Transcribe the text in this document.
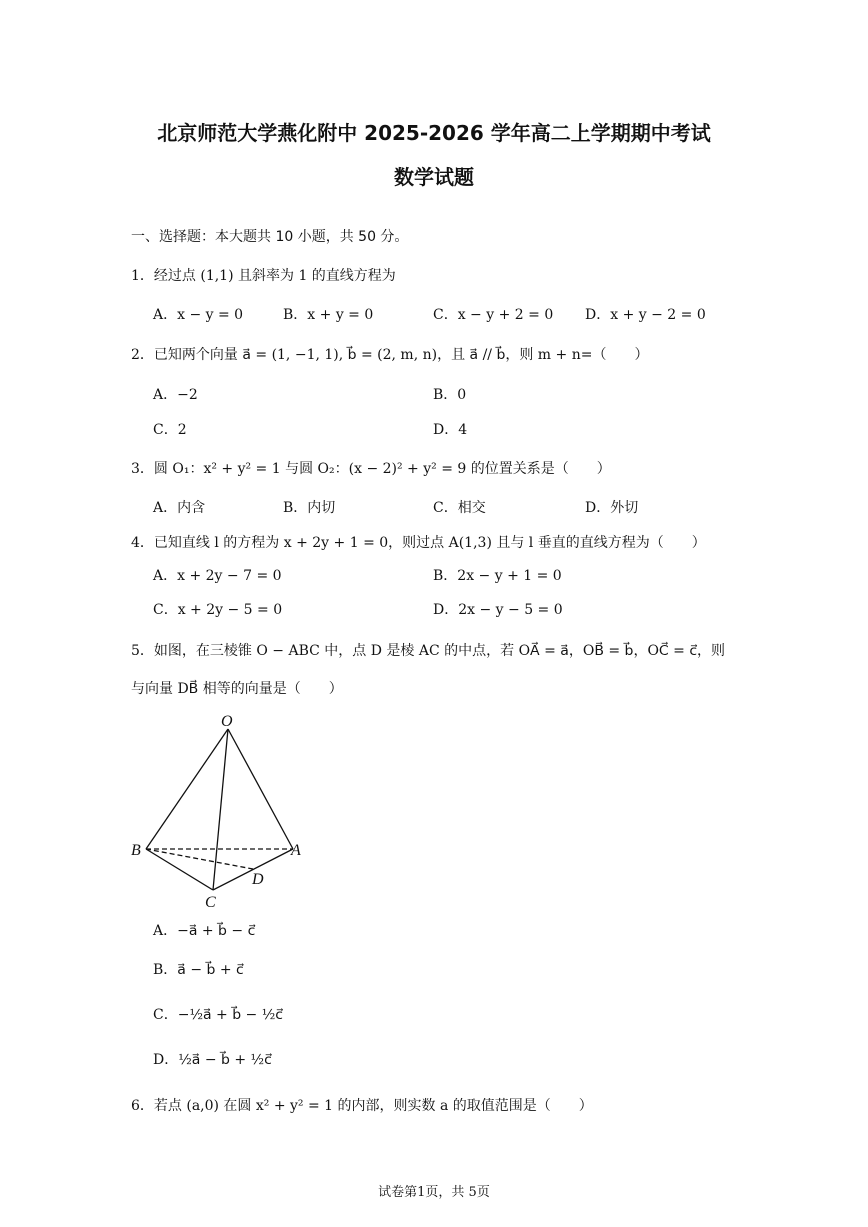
北京师范大学燕化附中 2025-2026 学年高二上学期期中考试
数学试题
一、选择题：本大题共 10 小题，共 50 分。
1．经过点 (1,1) 且斜率为 1 的直线方程为
A．x − y = 0	B．x + y = 0	C．x − y + 2 = 0 D．x + y − 2 = 0
2．已知两个向量 a⃗ = (1, −1, 1), b⃗ = (2, m, n)，且 a⃗ // b⃗，则 m + n=（　　）
A．−2	B．0
C．2	D．4
3．圆 O₁：x² + y² = 1 与圆 O₂：(x − 2)² + y² = 9 的位置关系是（　　）
A．内含	B．内切	C．相交	D．外切
4．已知直线 l 的方程为 x + 2y + 1 = 0，则过点 A(1,3) 且与 l 垂直的直线方程为（　　）
A．x + 2y − 7 = 0	B．2x − y + 1 = 0
C．x + 2y − 5 = 0	D．2x − y − 5 = 0
5．如图，在三棱锥 O − ABC 中，点 D 是棱 AC 的中点，若 OA⃗ = a⃗，OB⃗ = b⃗，OC⃗ = c⃗，则
与向量 DB⃗ 相等的向量是（　　）
O
B	A
C
D
A．−a⃗ + b⃗ − c⃗
B．a⃗ − b⃗ + c⃗
C．−½a⃗ + b⃗ − ½c⃗
D．½a⃗ − b⃗ + ½c⃗
6．若点 (a,0) 在圆 x² + y² = 1 的内部，则实数 a 的取值范围是（　　）
试卷第1页，共 5页
